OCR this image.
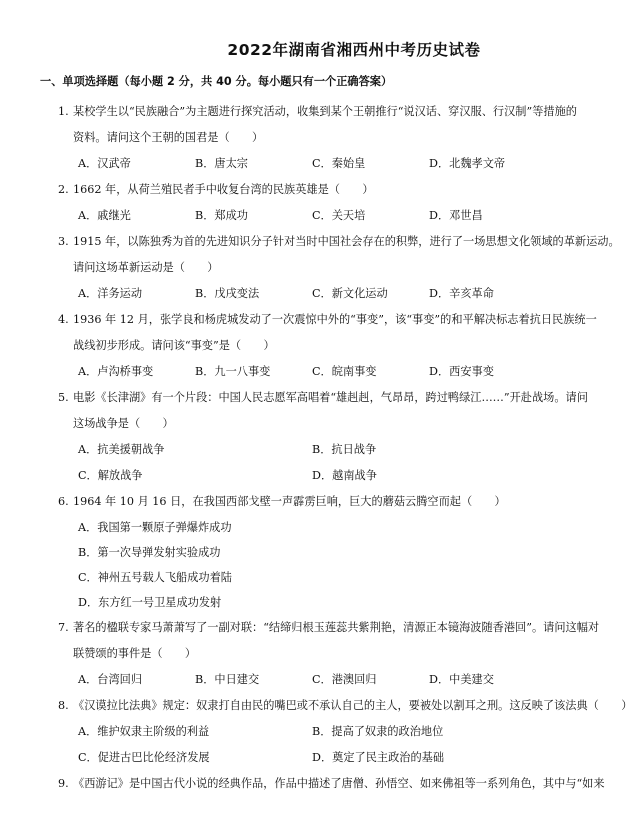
2022年湖南省湘西州中考历史试卷
一、单项选择题（每小题 2 分，共 40 分。每小题只有一个正确答案）
1. 某校学生以“民族融合”为主题进行探究活动，收集到某个王朝推行“说汉话、穿汉服、行汉制”等措施的
资料。请问这个王朝的国君是（　　）
A．汉武帝	B．唐太宗	C．秦始皇	D．北魏孝文帝
2. 1662 年，从荷兰殖民者手中收复台湾的民族英雄是（　　）
A．戚继光	B．郑成功	C．关天培	D．邓世昌
3. 1915 年，以陈独秀为首的先进知识分子针对当时中国社会存在的积弊，进行了一场思想文化领域的革新运动。
请问这场革新运动是（　　）
A．洋务运动	B．戊戌变法	C．新文化运动	D．辛亥革命
4. 1936 年 12 月，张学良和杨虎城发动了一次震惊中外的“事变”，该“事变”的和平解决标志着抗日民族统一
战线初步形成。请问该“事变”是（　　）
A．卢沟桥事变	B．九一八事变	C．皖南事变	D．西安事变
5. 电影《长津湖》有一个片段：中国人民志愿军高唱着“雄赳赳，气昂昂，跨过鸭绿江……”开赴战场。请问
这场战争是（　　）
A．抗美援朝战争	B．抗日战争
C．解放战争	D．越南战争
6. 1964 年 10 月 16 日，在我国西部戈壁一声霹雳巨响，巨大的蘑菇云腾空而起（　　）
A．我国第一颗原子弹爆炸成功
B．第一次导弹发射实验成功
C．神州五号载人飞船成功着陆
D．东方红一号卫星成功发射
7. 著名的楹联专家马萧萧写了一副对联：“结缔归根玉莲蕊共紫荆艳，清源正本镜海波随香港回”。请问这幅对
联赞颂的事件是（　　）
A．台湾回归	B．中日建交	C．港澳回归	D．中美建交
8. 《汉谟拉比法典》规定：奴隶打自由民的嘴巴或不承认自己的主人，要被处以割耳之刑。这反映了该法典（　　）
A．维护奴隶主阶级的利益	B．提高了奴隶的政治地位
C．促进古巴比伦经济发展	D．奠定了民主政治的基础
9. 《西游记》是中国古代小说的经典作品，作品中描述了唐僧、孙悟空、如来佛祖等一系列角色，其中与“如来
